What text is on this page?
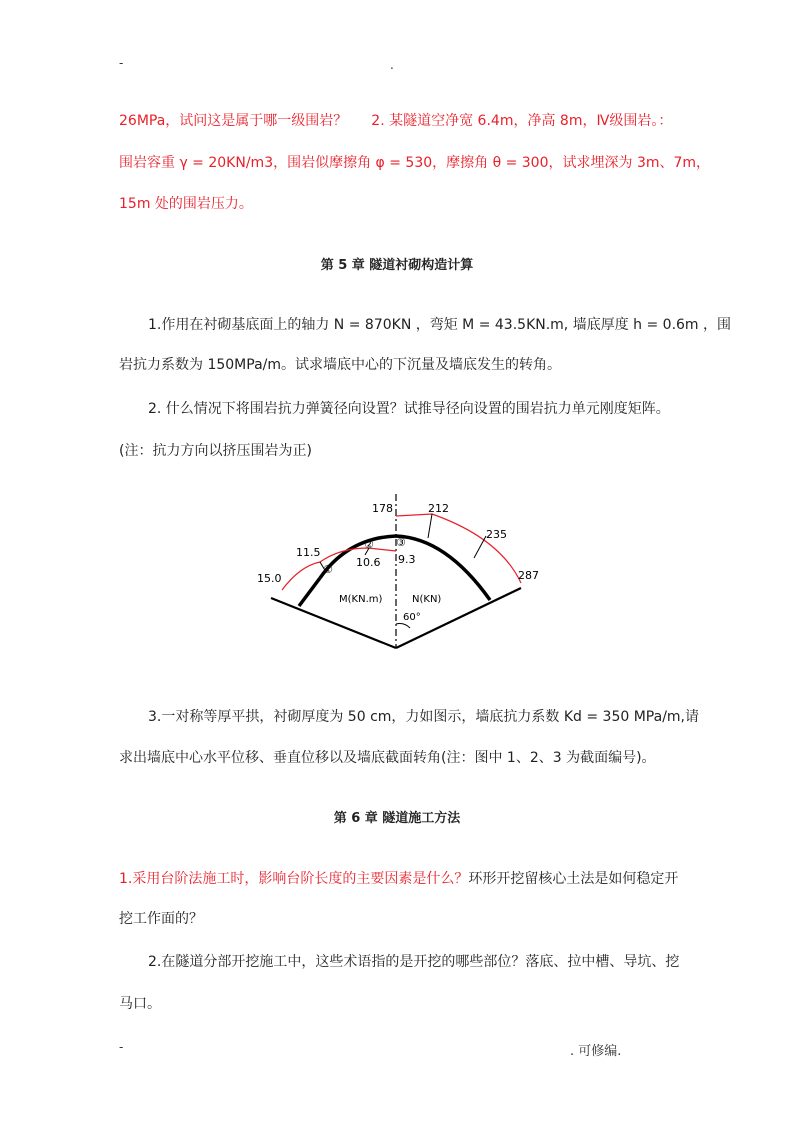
-	.
26MPa，试问这是属于哪一级围岩？ 2. 某隧道空净宽 6.4m，净高 8m，Ⅳ级围岩。：
围岩容重 γ = 20KN/m3，围岩似摩擦角 φ = 530，摩擦角 θ = 300，试求埋深为 3m、7m，
15m 处的围岩压力。
第 5 章 隧道衬砌构造计算
1.作用在衬砌基底面上的轴力 N = 870KN ，弯矩 M = 43.5KN.m, 墙底厚度 h = 0.6m ，围
岩抗力系数为 150MPa/m。试求墙底中心的下沉量及墙底发生的转角。
2. 什么情况下将围岩抗力弹簧径向设置？试推导径向设置的围岩抗力单元刚度矩阵。
(注：抗力方向以挤压围岩为正)
178	212
235
287
15.0
11.5
10.6 9.3
①
② ③
M(KN.m)	N(KN)
60°
3.一对称等厚平拱，衬砌厚度为 50 cm，力如图示，墙底抗力系数 Kd = 350 MPa/m,请
求出墙底中心水平位移、垂直位移以及墙底截面转角(注：图中 1、2、3 为截面编号)。
第 6 章 隧道施工方法
1.采用台阶法施工时，影响台阶长度的主要因素是什么？环形开挖留核心土法是如何稳定开
挖工作面的？
2.在隧道分部开挖施工中，这些术语指的是开挖的哪些部位？落底、拉中槽、导坑、挖
马口。
-	. 可修编.
